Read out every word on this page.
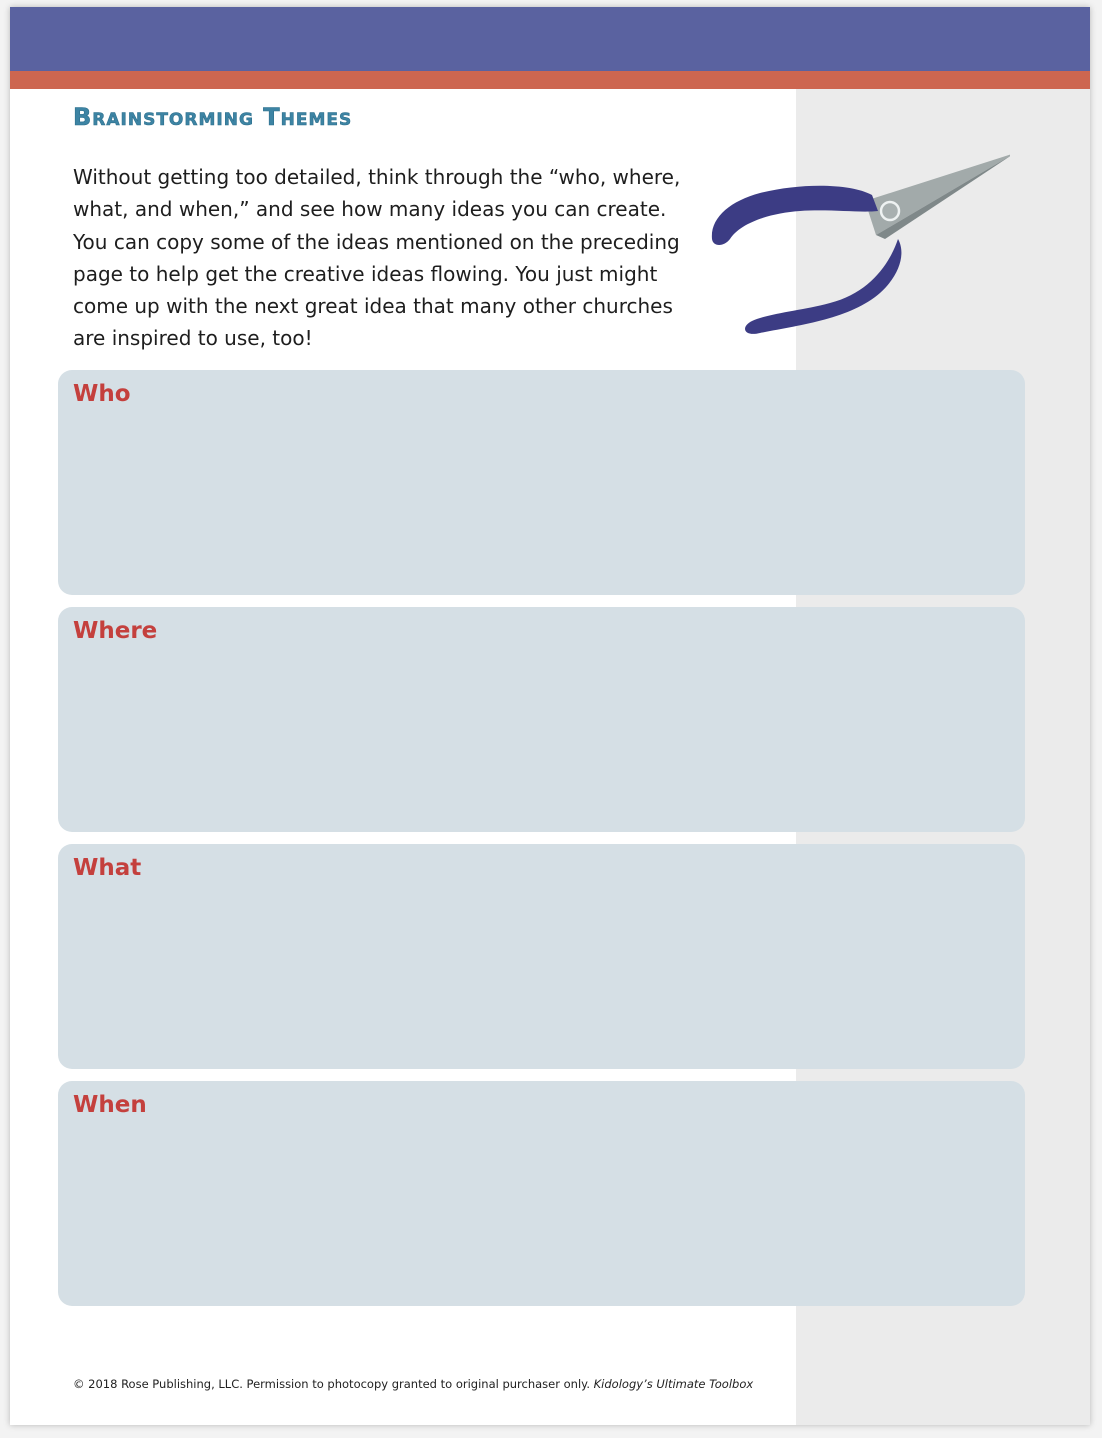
Brainstorming Themes

Without getting too detailed, think through the “who, where, what, and when,” and see how many ideas you can create. You can copy some of the ideas mentioned on the preceding page to help get the creative ideas flowing. You just might come up with the next great idea that many other churches are inspired to use, too!

Who

Where

What

When

© 2018 Rose Publishing, LLC. Permission to photocopy granted to original purchaser only. Kidology’s Ultimate Toolbox
